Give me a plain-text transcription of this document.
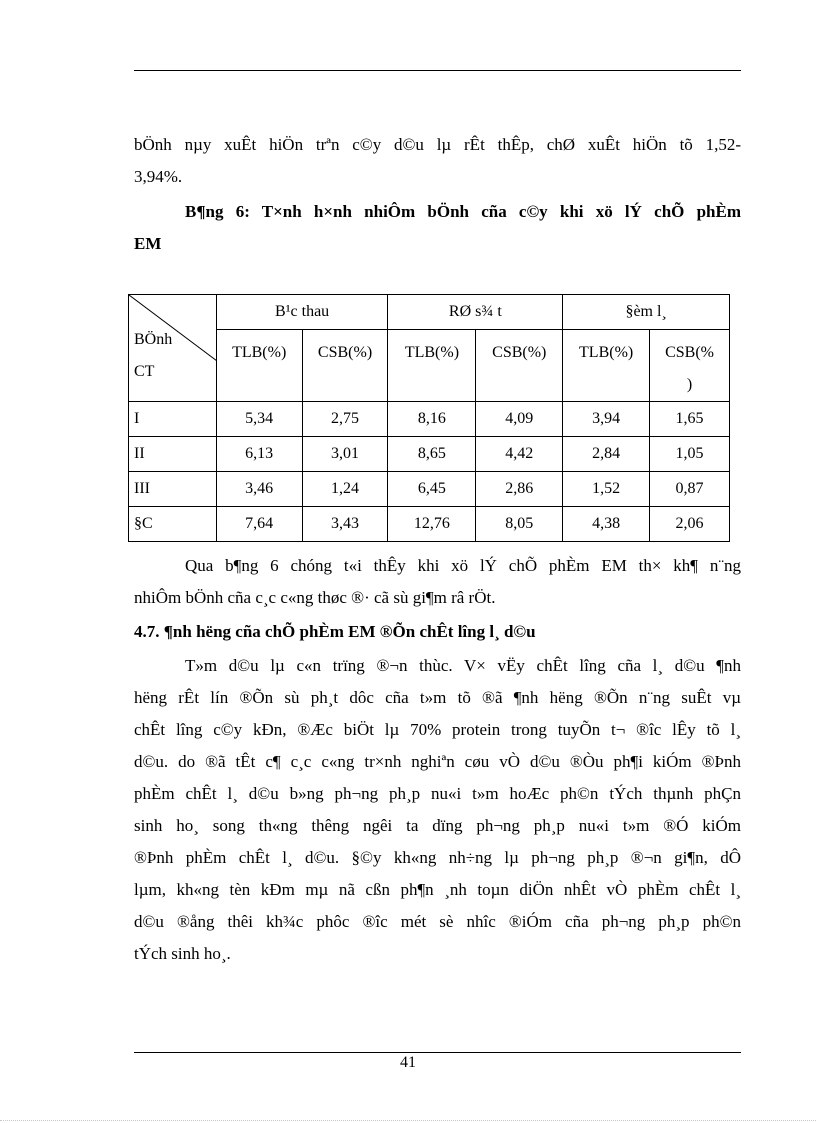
bÖnh nµy xuÊt hiÖn trªn c©y d©u lµ rÊt thÊp, chØ xuÊt hiÖn tõ 1,52-
3,94%.

B¶ng 6: T×nh h×nh nhiÔm bÖnh cña c©y khi xö lÝ chÕ phÈm
EM

BÖnh
CT	B¹c thau		RØ s¾ t		§èm l¸	
	TLB(%)	CSB(%)	TLB(%)	CSB(%)	TLB(%)	CSB(%
)
I	5,34	2,75	8,16	4,09	3,94	1,65
II	6,13	3,01	8,65	4,42	2,84	1,05
III	3,46	1,24	6,45	2,86	1,52	0,87
§C	7,64	3,43	12,76	8,05	4,38	2,06

Qua b¶ng 6 chóng t«i thÊy khi xö lÝ chÕ phÈm EM th× kh¶ n¨ng
nhiÔm bÖnh cña c¸c c«ng thøc ®· cã sù gi¶m râ rÖt.

4.7. ¶nh hëng cña chÕ phÈm EM ®Õn chÊt lîng l¸ d©u

T»m d©u lµ c«n trïng ®¬n thùc. V× vËy chÊt lîng cña l¸ d©u ¶nh
hëng rÊt lín ®Õn sù ph¸t dôc cña t»m tõ ®ã ¶nh hëng ®Õn n¨ng suÊt vµ
chÊt lîng c©y kÐn, ®Æc biÖt lµ 70% protein trong tuyÕn t¬ ®îc lÊy tõ l¸
d©u. do ®ã tÊt c¶ c¸c c«ng tr×nh nghiªn cøu vÒ d©u ®Òu ph¶i kiÓm ®Þnh
phÈm chÊt l¸ d©u b»ng ph¬ng ph¸p nu«i t»m hoÆc ph©n tÝch thµnh phÇn
sinh ho¸ song th«ng thêng ngêi ta dïng ph¬ng ph¸p nu«i t»m ®Ó kiÓm
®Þnh phÈm chÊt l¸ d©u. §©y kh«ng nh÷ng lµ ph¬ng ph¸p ®¬n gi¶n, dÔ
lµm, kh«ng tèn kÐm mµ nã cßn ph¶n ¸nh toµn diÖn nhÊt vÒ phÈm chÊt l¸
d©u ®ång thêi kh¾c phôc ®îc mét sè nhîc ®iÓm cña ph¬ng ph¸p ph©n
tÝch sinh ho¸.

41
